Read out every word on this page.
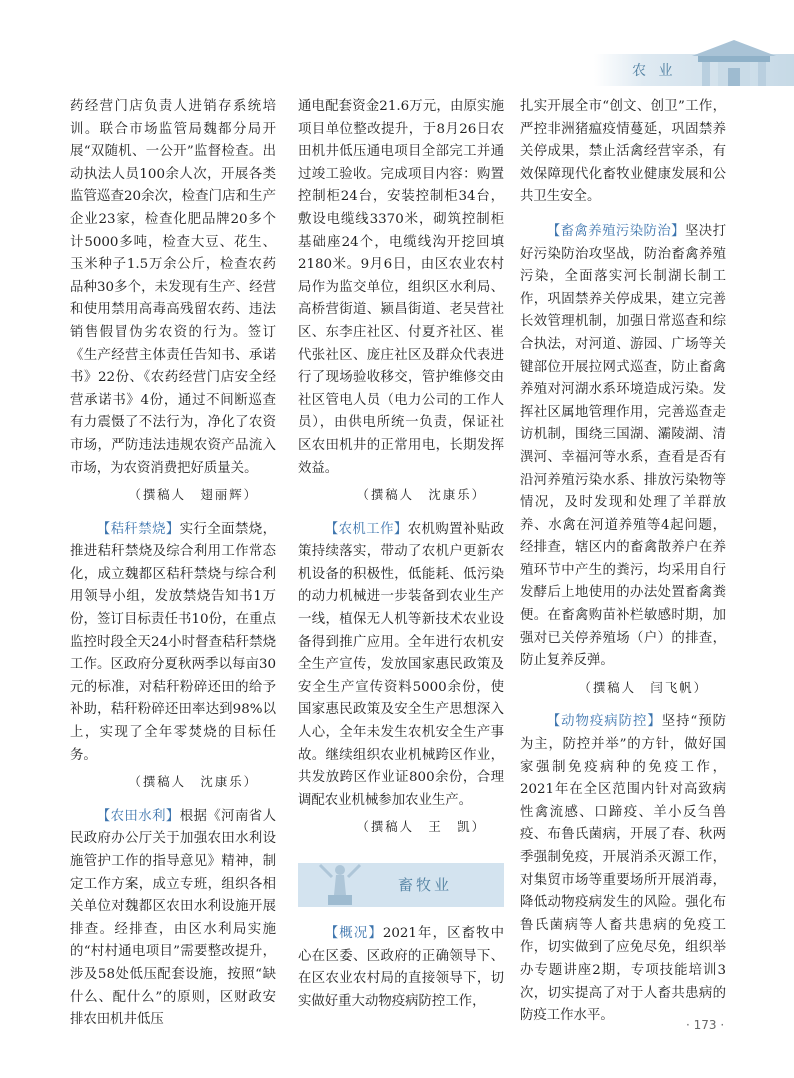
农 业

药经营门店负责人进销存系统培训。联合市场监管局魏都分局开展“双随机、一公开”监督检查。出动执法人员100余人次，开展各类监管巡查20余次，检查门店和生产企业23家，检查化肥品牌20多个计5000多吨，检查大豆、花生、玉米种子1.5万余公斤，检查农药品种30多个，未发现有生产、经营和使用禁用高毒高残留农药、违法销售假冒伪劣农资的行为。签订《生产经营主体责任告知书、承诺书》22份、《农药经营门店安全经营承诺书》4份，通过不间断巡查有力震慑了不法行为，净化了农资市场，严防违法违规农资产品流入市场，为农资消费把好质量关。

（撰稿人　翅丽辉）

【秸秆禁烧】实行全面禁烧，推进秸秆禁烧及综合利用工作常态化，成立魏都区秸秆禁烧与综合利用领导小组，发放禁烧告知书1万份，签订目标责任书10份，在重点监控时段全天24小时督查秸秆禁烧工作。区政府分夏秋两季以每亩30元的标准，对秸秆粉碎还田的给予补助，秸秆粉碎还田率达到98%以上，实现了全年零焚烧的目标任务。

（撰稿人　沈康乐）

【农田水利】根据《河南省人民政府办公厅关于加强农田水利设施管护工作的指导意见》精神，制定工作方案，成立专班，组织各相关单位对魏都区农田水利设施开展排查。经排查，由区水利局实施的“村村通电项目”需要整改提升，涉及58处低压配套设施，按照“缺什么、配什么”的原则，区财政安排农田机井低压

通电配套资金21.6万元，由原实施项目单位整改提升，于8月26日农田机井低压通电项目全部完工并通过竣工验收。完成项目内容：购置控制柜24台，安装控制柜34台，敷设电缆线3370米，砌筑控制柜基础座24个，电缆线沟开挖回填2180米。9月6日，由区农业农村局作为监交单位，组织区水利局、高桥营街道、颍昌街道、老吴营社区、东李庄社区、付夏齐社区、崔代张社区、庞庄社区及群众代表进行了现场验收移交，管护维修交由社区管电人员（电力公司的工作人员），由供电所统一负责，保证社区农田机井的正常用电，长期发挥效益。

（撰稿人　沈康乐）

【农机工作】农机购置补贴政策持续落实，带动了农机户更新农机设备的积极性，低能耗、低污染的动力机械进一步装备到农业生产一线，植保无人机等新技术农业设备得到推广应用。全年进行农机安全生产宣传，发放国家惠民政策及安全生产宣传资料5000余份，使国家惠民政策及安全生产思想深入人心，全年未发生农机安全生产事故。继续组织农业机械跨区作业，共发放跨区作业证800余份，合理调配农业机械参加农业生产。

（撰稿人　王　凯）

畜牧业

【概况】2021年，区畜牧中心在区委、区政府的正确领导下、在区农业农村局的直接领导下，切实做好重大动物疫病防控工作，

扎实开展全市“创文、创卫”工作，严控非洲猪瘟疫情蔓延，巩固禁养关停成果，禁止活禽经营宰杀，有效保障现代化畜牧业健康发展和公共卫生安全。

【畜禽养殖污染防治】坚决打好污染防治攻坚战，防治畜禽养殖污染，全面落实河长制湖长制工作，巩固禁养关停成果，建立完善长效管理机制，加强日常巡查和综合执法，对河道、游园、广场等关键部位开展拉网式巡查，防止畜禽养殖对河湖水系环境造成污染。发挥社区属地管理作用，完善巡查走访机制，围绕三国湖、灞陵湖、清潩河、幸福河等水系，查看是否有沿河养殖污染水系、排放污染物等情况，及时发现和处理了羊群放养、水禽在河道养殖等4起问题，经排查，辖区内的畜禽散养户在养殖环节中产生的粪污，均采用自行发酵后上地使用的办法处置畜禽粪便。在畜禽购苗补栏敏感时期，加强对已关停养殖场（户）的排查，防止复养反弹。

（撰稿人　闫飞帆）

【动物疫病防控】坚持“预防为主，防控并举”的方针，做好国家强制免疫病种的免疫工作，2021年在全区范围内针对高致病性禽流感、口蹄疫、羊小反刍兽疫、布鲁氏菌病，开展了春、秋两季强制免疫，开展消杀灭源工作，对集贸市场等重要场所开展消毒，降低动物疫病发生的风险。强化布鲁氏菌病等人畜共患病的免疫工作，切实做到了应免尽免，组织举办专题讲座2期，专项技能培训3次，切实提高了对于人畜共患病的防疫工作水平。

· 173 ·
